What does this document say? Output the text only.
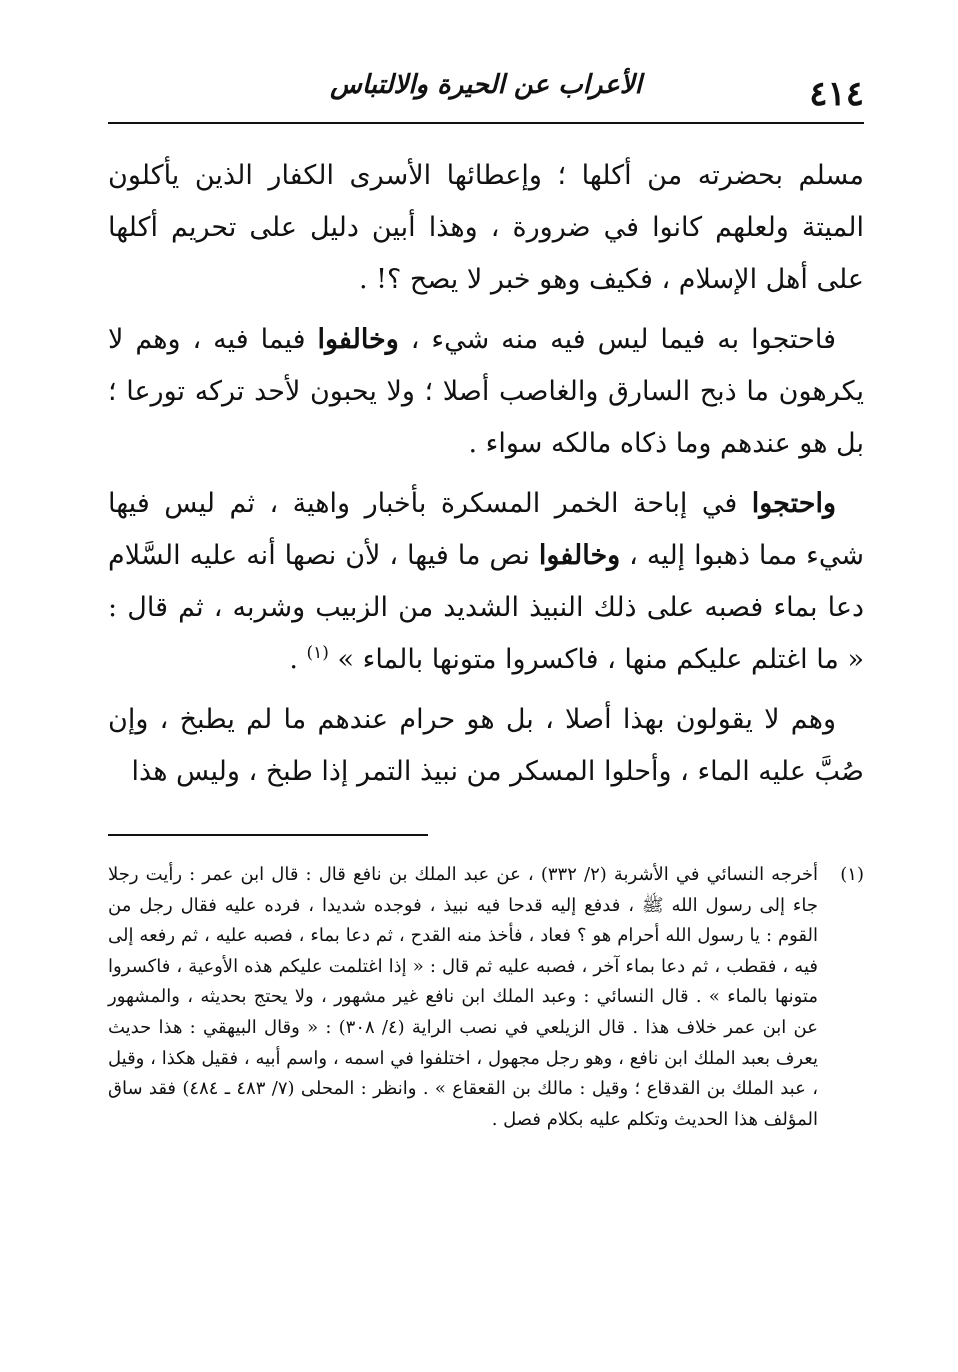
٤١٤
الأعراب عن الحيرة والالتباس

مسلم بحضرته من أكلها ؛ وإعطائها الأسرى الكفار الذين يأكلون الميتة ولعلهم كانوا في ضرورة ، وهذا أبين دليل على تحريم أكلها على أهل الإسلام ، فكيف وهو خبر لا يصح ؟! .

فاحتجوا به فيما ليس فيه منه شيء ، وخالفوا فيما فيه ، وهم لا يكرهون ما ذبح السارق والغاصب أصلا ؛ ولا يحبون لأحد تركه تورعا ؛ بل هو عندهم وما ذكاه مالكه سواء .

واحتجوا في إباحة الخمر المسكرة بأخبار واهية ، ثم ليس فيها شيء مما ذهبوا إليه ، وخالفوا نص ما فيها ، لأن نصها أنه عليه السَّلام دعا بماء فصبه على ذلك النبيذ الشديد من الزبيب وشربه ، ثم قال : « ما اغتلم عليكم منها ، فاكسروا متونها بالماء » $^{(١)}$ .

وهم لا يقولون بهذا أصلا ، بل هو حرام عندهم ما لم يطبخ ، وإن صُبَّ عليه الماء ، وأحلوا المسكر من نبيذ التمر إذا طبخ ، وليس هذا

(١)
أخرجه النسائي في الأشربة (٢/ ٣٣٢) ، عن عبد الملك بن نافع قال : قال ابن عمر : رأيت رجلا جاء إلى رسول الله ﷺ ، فدفع إليه قدحا فيه نبيذ ، فوجده شديدا ، فرده عليه فقال رجل من القوم : يا رسول الله أحرام هو ؟ فعاد ، فأخذ منه القدح ، ثم دعا بماء ، فصبه عليه ، ثم رفعه إلى فيه ، فقطب ، ثم دعا بماء آخر ، فصبه عليه ثم قال : « إذا اغتلمت عليكم هذه الأوعية ، فاكسروا متونها بالماء » . قال النسائي : وعبد الملك ابن نافع غير مشهور ، ولا يحتج بحديثه ، والمشهور عن ابن عمر خلاف هذا . قال الزيلعي في نصب الراية (٤/ ٣٠٨) : « وقال البيهقي : هذا حديث يعرف بعبد الملك ابن نافع ، وهو رجل مجهول ، اختلفوا في اسمه ، واسم أبيه ، فقيل هكذا ، وقيل ، عبد الملك بن القدقاع ؛ وقيل : مالك بن القعقاع » . وانظر : المحلى (٧/ ٤٨٣ ـ ٤٨٤) فقد ساق المؤلف هذا الحديث وتكلم عليه بكلام فصل .
